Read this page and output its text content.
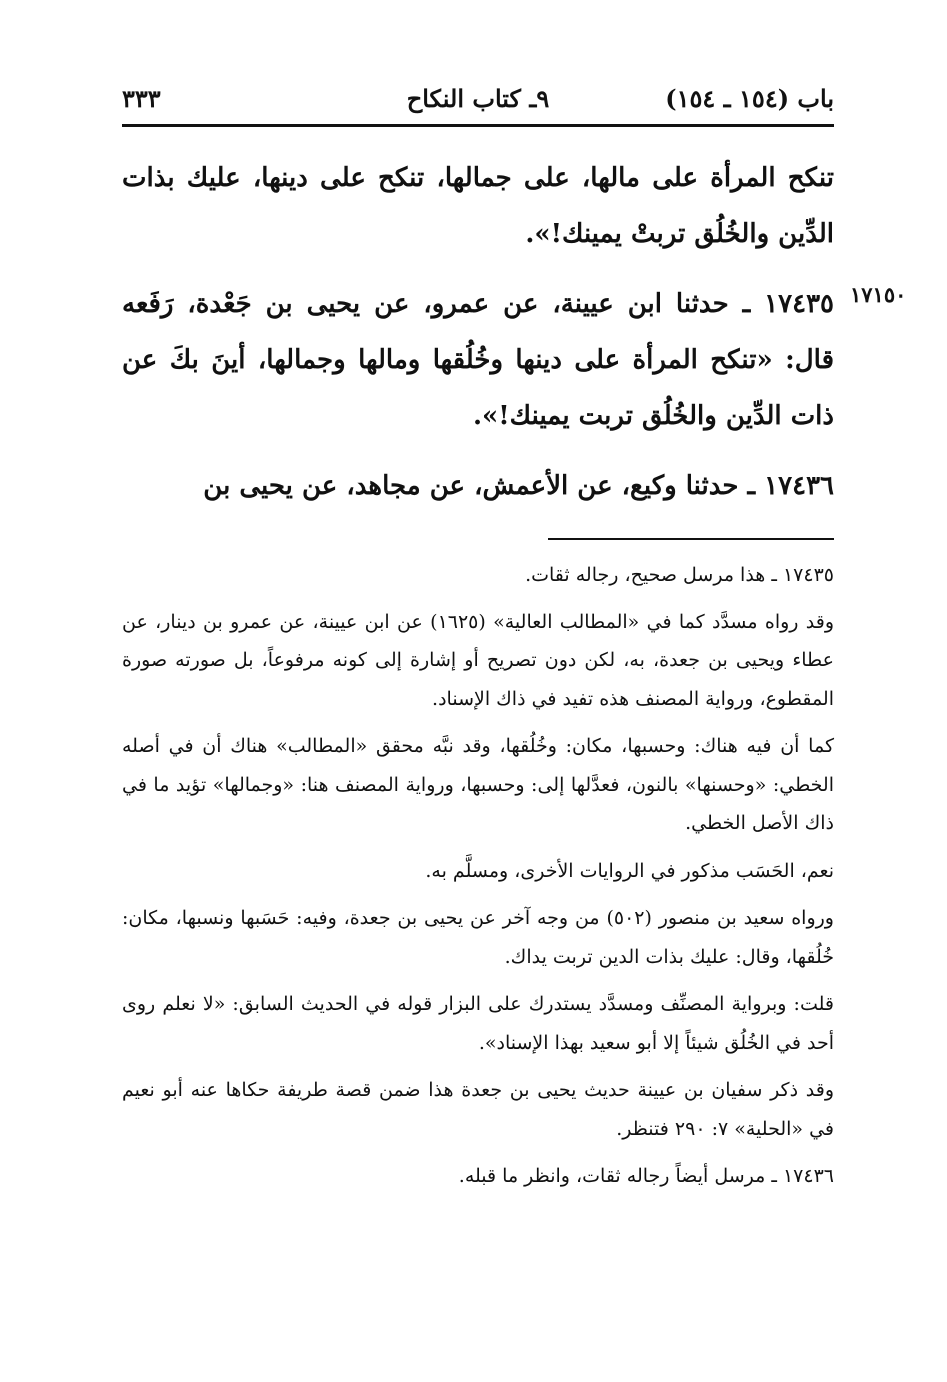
باب (١٥٤ ـ ١٥٤)
٩ـ كتاب النكاح
٣٣٣

تنكح المرأة على مالها، على جمالها، تنكح على دينها، عليك بذات الدِّين والخُلُق تربتْ يمينك!».

١٧١٥٠

١٧٤٣٥ ـ حدثنا ابن عيينة، عن عمرو، عن يحيى بن جَعْدة، رَفَعه قال: «تنكح المرأة على دينها وخُلُقها ومالها وجمالها، أينَ بكَ عن ذات الدِّين والخُلُق تربت يمينك!».

١٧٤٣٦ ـ حدثنا وكيع، عن الأعمش، عن مجاهد، عن يحيى بن

١٧٤٣٥ ـ هذا مرسل صحيح، رجاله ثقات.

وقد رواه مسدَّد كما في «المطالب العالية» (١٦٢٥) عن ابن عيينة، عن عمرو بن دينار، عن عطاء ويحيى بن جعدة، به، لكن دون تصريح أو إشارة إلى كونه مرفوعاً، بل صورته صورة المقطوع، ورواية المصنف هذه تفيد في ذاك الإسناد.

كما أن فيه هناك: وحسبها، مكان: وخُلُقها، وقد نبَّه محقق «المطالب» هناك أن في أصله الخطي: «وحسنها» بالنون، فعدَّلها إلى: وحسبها، ورواية المصنف هنا: «وجمالها» تؤيد ما في ذاك الأصل الخطي.

نعم، الحَسَب مذكور في الروايات الأخرى، ومسلَّم به.

ورواه سعيد بن منصور (٥٠٢) من وجه آخر عن يحيى بن جعدة، وفيه: حَسَبها ونسبها، مكان: خُلُقها، وقال: عليك بذات الدين تربت يداك.

قلت: وبرواية المصنِّف ومسدَّد يستدرك على البزار قوله في الحديث السابق: «لا نعلم روى أحد في الخُلُق شيئاً إلا أبو سعيد بهذا الإسناد».

وقد ذكر سفيان بن عيينة حديث يحيى بن جعدة هذا ضمن قصة طريفة حكاها عنه أبو نعيم في «الحلية» ٧: ٢٩٠ فتنظر.

١٧٤٣٦ ـ مرسل أيضاً رجاله ثقات، وانظر ما قبله.
